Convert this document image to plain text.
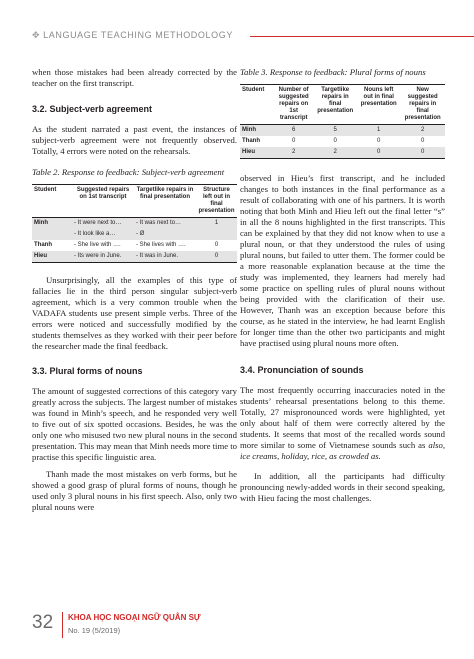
✥ LANGUAGE TEACHING METHODOLOGY

when those mistakes had been already corrected by the teacher on the first transcript.

3.2. Subject-verb agreement

As the student narrated a past event, the instances of subject-verb agreement were not frequently observed. Totally, 4 errors were noted on the rehearsals.

Table 2. Response to feedback: Subject-verb agreement

Student	Suggested repairs on 1st transcript	Targetlike repairs in final presentation	Structure left out in final presentation
Minh	- It were next to…	- It was next to…	1
	- It look like a…	- Ø	
Thanh	- She live with ….	- She lives with ….	0
Hieu	- Its were in June.	- It was in June.	0

Unsurprisingly, all the examples of this type of fallacies lie in the third person singular subject-verb agreement, which is a very common trouble when the VADAFA students use present simple verbs. Three of the errors were noticed and successfully modified by the students themselves as they worked with their peer before the researcher made the final feedback.

3.3. Plural forms of nouns

The amount of suggested corrections of this category vary greatly across the subjects. The largest number of mistakes was found in Minh’s speech, and he responded very well to five out of six spotted occasions. Besides, he was the only one who misused two new plural nouns in the second presentation. This may mean that Minh needs more time to practise this specific linguistic area.

Thanh made the most mistakes on verb forms, but he showed a good grasp of plural forms of nouns, though he used only 3 plural nouns in his first speech. Also, only two plural nouns were

Table 3. Response to feedback: Plural forms of nouns

Student	Number of suggested repairs on 1st transcript	Targetlike repairs in final presentation	Nouns left out in final presentation	New suggested repairs in final presentation
Minh	6	5	1	2
Thanh	0	0	0	0
Hieu	2	2	0	0

observed in Hieu’s first transcript, and he included changes to both instances in the final performance as a result of collaborating with one of his partners. It is worth noting that both Minh and Hieu left out the final letter “s” in all the 8 nouns highlighted in the first transcripts. This can be explained by that they did not know when to use a plural noun, or that they understood the rules of using plural nouns, but failed to utter them. The former could be a more reasonable explanation because at the time the study was implemented, they learners had merely had some practice on spelling rules of plural nouns without being provided with the clarification of their use. However, Thanh was an exception because before this course, as he stated in the interview, he had learnt English for longer time than the other two participants and might have practised using plural nouns more often.

3.4. Pronunciation of sounds

The most frequently occurring inaccuracies noted in the students’ rehearsal presentations belong to this theme. Totally, 27 mispronounced words were highlighted, yet only about half of them were correctly altered by the students. It seems that most of the recalled words sound more similar to some of Vietnamese sounds such as also, ice creams, holiday, rice, as crowded as.

In addition, all the participants had difficulty pronouncing newly-added words in their second speaking, with Hieu facing the most challenges.

32 KHOA HỌC NGOẠI NGỮ QUÂN SỰ
No. 19 (5/2019)
